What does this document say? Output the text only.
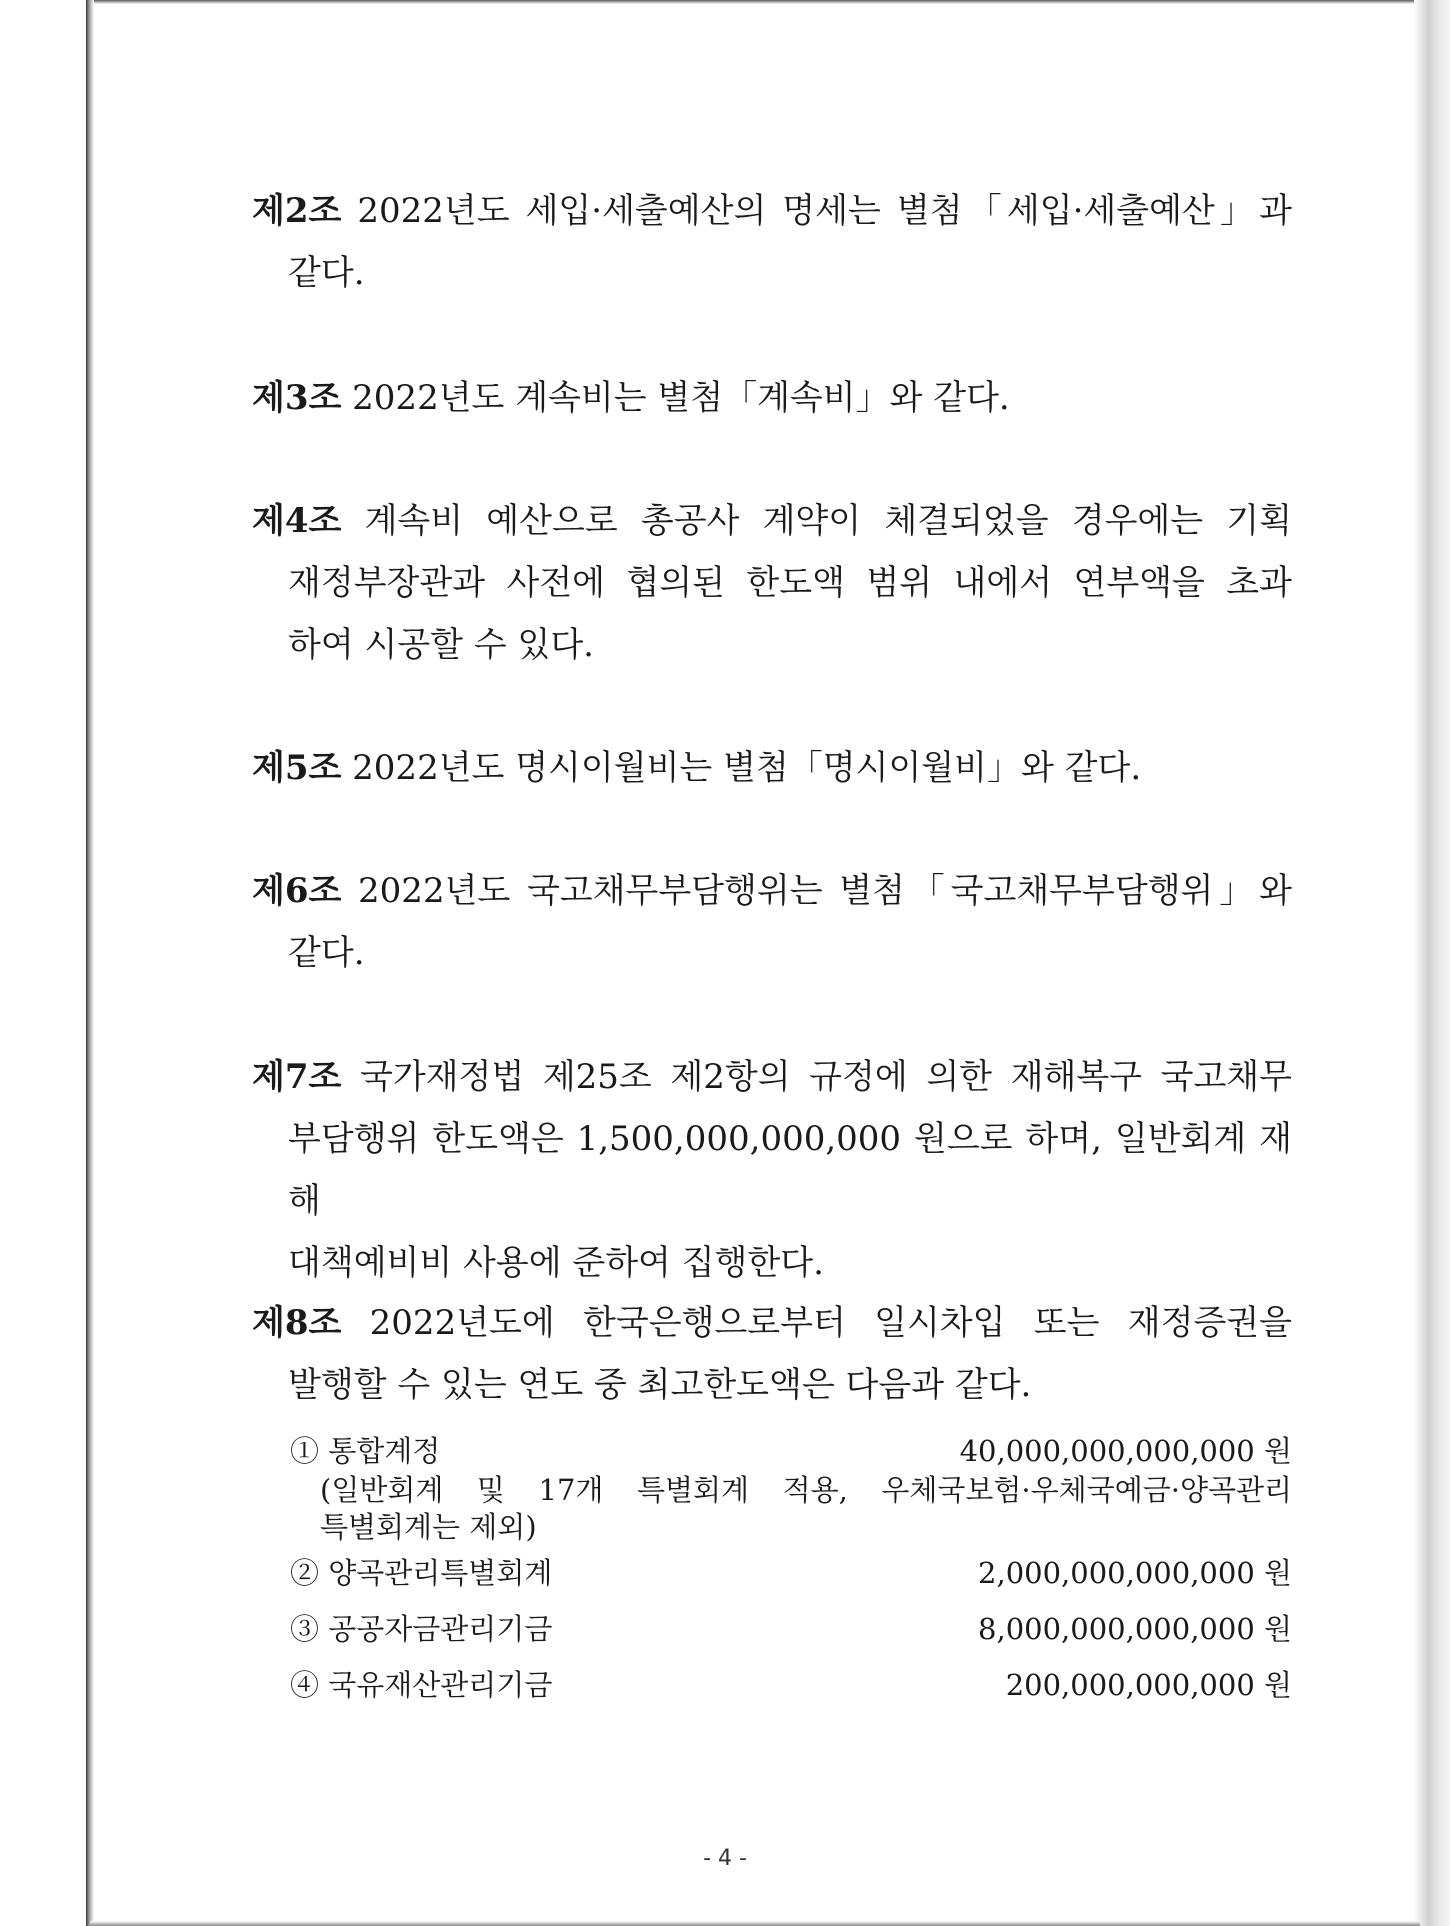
제2조 2022년도 세입·세출예산의 명세는 별첨「세입·세출예산」과
같다.
제3조 2022년도 계속비는 별첨「계속비」와 같다.
제4조 계속비 예산으로 총공사 계약이 체결되었을 경우에는 기획
재정부장관과 사전에 협의된 한도액 범위 내에서 연부액을 초과
하여 시공할 수 있다.
제5조 2022년도 명시이월비는 별첨「명시이월비」와 같다.
제6조 2022년도 국고채무부담행위는 별첨「국고채무부담행위」와
같다.
제7조 국가재정법 제25조 제2항의 규정에 의한 재해복구 국고채무
부담행위 한도액은 1,500,000,000,000 원으로 하며, 일반회계 재해
대책예비비 사용에 준하여 집행한다.
제8조 2022년도에 한국은행으로부터 일시차입 또는 재정증권을
발행할 수 있는 연도 중 최고한도액은 다음과 같다.
① 통합계정	40,000,000,000,000 원
(일반회계 및 17개 특별회계 적용, 우체국보험·우체국예금·양곡관리
특별회계는 제외)
② 양곡관리특별회계	2,000,000,000,000 원
③ 공공자금관리기금	8,000,000,000,000 원
④ 국유재산관리기금	200,000,000,000 원
- 4 -
